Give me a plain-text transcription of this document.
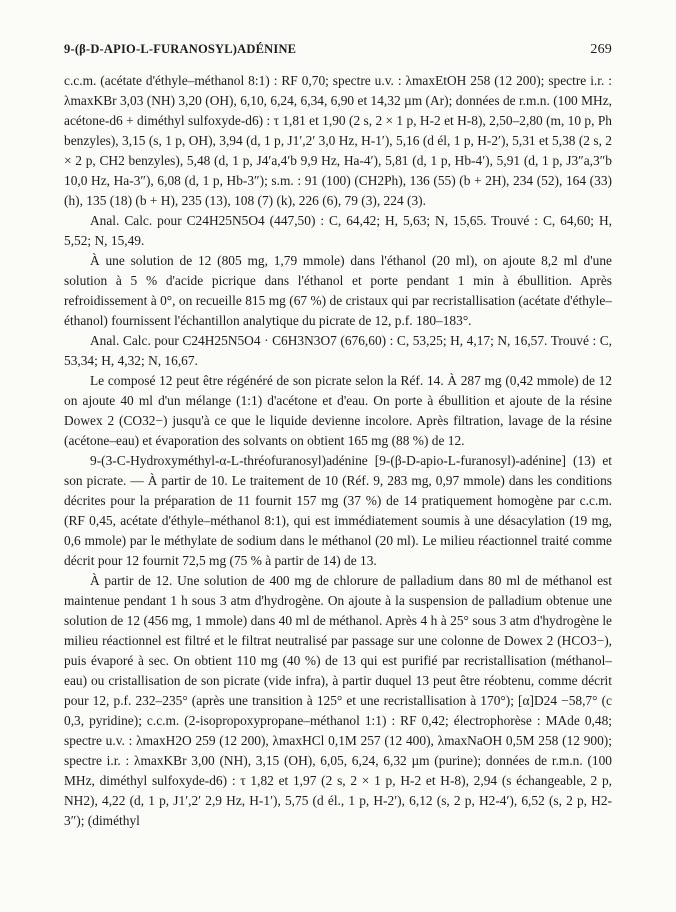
9-(β-D-APIO-L-FURANOSYL)ADÉNINE	269

c.c.m. (acétate d'éthyle–méthanol 8:1) : RF 0,70; spectre u.v. : λmaxEtOH 258 (12 200); spectre i.r. : λmaxKBr 3,03 (NH) 3,20 (OH), 6,10, 6,24, 6,34, 6,90 et 14,32 µm (Ar); données de r.m.n. (100 MHz, acétone-d6 + diméthyl sulfoxyde-d6) : τ 1,81 et 1,90 (2 s, 2 × 1 p, H-2 et H-8), 2,50–2,80 (m, 10 p, Ph benzyles), 3,15 (s, 1 p, OH), 3,94 (d, 1 p, J1′,2′ 3,0 Hz, H-1′), 5,16 (d él, 1 p, H-2′), 5,31 et 5,38 (2 s, 2 × 2 p, CH2 benzyles), 5,48 (d, 1 p, J4′a,4′b 9,9 Hz, Ha-4′), 5,81 (d, 1 p, Hb-4′), 5,91 (d, 1 p, J3″a,3″b 10,0 Hz, Ha-3″), 6,08 (d, 1 p, Hb-3″); s.m. : 91 (100) (CH2Ph), 136 (55) (b + 2H), 234 (52), 164 (33) (h), 135 (18) (b + H), 235 (13), 108 (7) (k), 226 (6), 79 (3), 224 (3).

Anal. Calc. pour C24H25N5O4 (447,50) : C, 64,42; H, 5,63; N, 15,65. Trouvé : C, 64,60; H, 5,52; N, 15,49.

À une solution de 12 (805 mg, 1,79 mmole) dans l'éthanol (20 ml), on ajoute 8,2 ml d'une solution à 5 % d'acide picrique dans l'éthanol et porte pendant 1 min à ébullition. Après refroidissement à 0°, on recueille 815 mg (67 %) de cristaux qui par recristallisation (acétate d'éthyle–éthanol) fournissent l'échantillon analytique du picrate de 12, p.f. 180–183°.

Anal. Calc. pour C24H25N5O4 · C6H3N3O7 (676,60) : C, 53,25; H, 4,17; N, 16,57. Trouvé : C, 53,34; H, 4,32; N, 16,67.

Le composé 12 peut être régénéré de son picrate selon la Réf. 14. À 287 mg (0,42 mmole) de 12 on ajoute 40 ml d'un mélange (1:1) d'acétone et d'eau. On porte à ébullition et ajoute de la résine Dowex 2 (CO32−) jusqu'à ce que le liquide devienne incolore. Après filtration, lavage de la résine (acétone–eau) et évaporation des solvants on obtient 165 mg (88 %) de 12.

9-(3-C-Hydroxyméthyl-α-L-thréofuranosyl)adénine [9-(β-D-apio-L-furanosyl)-adénine] (13) et son picrate. — À partir de 10. Le traitement de 10 (Réf. 9, 283 mg, 0,97 mmole) dans les conditions décrites pour la préparation de 11 fournit 157 mg (37 %) de 14 pratiquement homogène par c.c.m. (RF 0,45, acétate d'éthyle–méthanol 8:1), qui est immédiatement soumis à une désacylation (19 mg, 0,6 mmole) par le méthylate de sodium dans le méthanol (20 ml). Le milieu réactionnel traité comme décrit pour 12 fournit 72,5 mg (75 % à partir de 14) de 13.

À partir de 12. Une solution de 400 mg de chlorure de palladium dans 80 ml de méthanol est maintenue pendant 1 h sous 3 atm d'hydrogène. On ajoute à la suspension de palladium obtenue une solution de 12 (456 mg, 1 mmole) dans 40 ml de méthanol. Après 4 h à 25° sous 3 atm d'hydrogène le milieu réactionnel est filtré et le filtrat neutralisé par passage sur une colonne de Dowex 2 (HCO3−), puis évaporé à sec. On obtient 110 mg (40 %) de 13 qui est purifié par recristallisation (méthanol–eau) ou cristallisation de son picrate (vide infra), à partir duquel 13 peut être réobtenu, comme décrit pour 12, p.f. 232–235° (après une transition à 125° et une recristallisation à 170°); [α]D24 −58,7° (c 0,3, pyridine); c.c.m. (2-isopropoxypropane–méthanol 1:1) : RF 0,42; électrophorèse : MAde 0,48; spectre u.v. : λmaxH2O 259 (12 200), λmaxHCl 0,1M 257 (12 400), λmaxNaOH 0,5M 258 (12 900); spectre i.r. : λmaxKBr 3,00 (NH), 3,15 (OH), 6,05, 6,24, 6,32 µm (purine); données de r.m.n. (100 MHz, diméthyl sulfoxyde-d6) : τ 1,82 et 1,97 (2 s, 2 × 1 p, H-2 et H-8), 2,94 (s échangeable, 2 p, NH2), 4,22 (d, 1 p, J1′,2′ 2,9 Hz, H-1′), 5,75 (d él., 1 p, H-2′), 6,12 (s, 2 p, H2-4′), 6,52 (s, 2 p, H2-3″); (diméthyl
